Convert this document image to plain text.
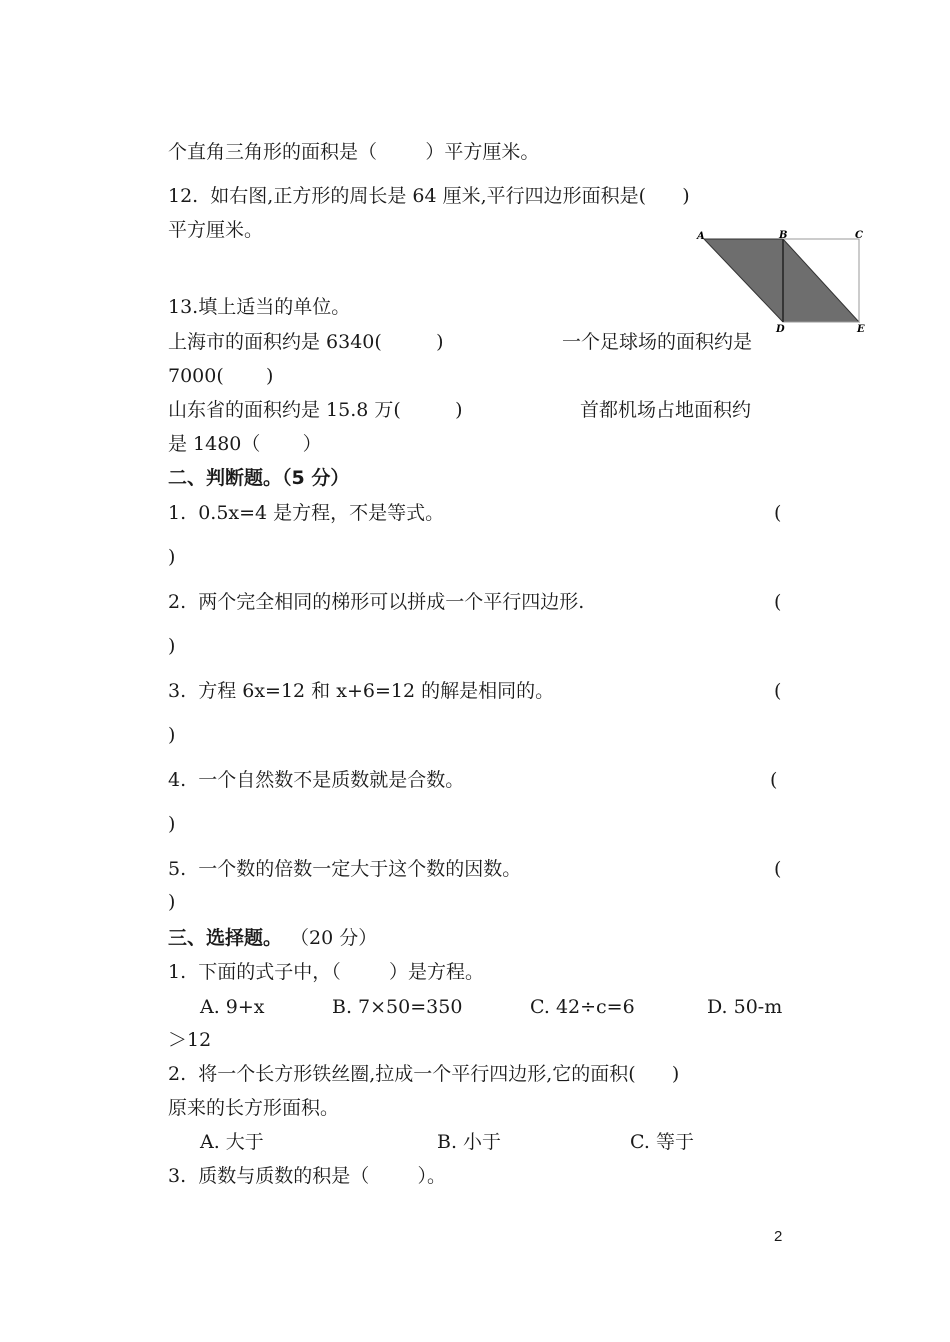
个直角三角形的面积是（        ）平方厘米。
12.  如右图,正方形的周长是 64 厘米,平行四边形面积是(      )
平方厘米。	A	B	C
D	E
13.填上适当的单位。
上海市的面积约是 6340(         )	一个足球场的面积约是
7000(       )
山东省的面积约是 15.8 万(         )	首都机场占地面积约
是 1480（       ）
二、判断题。（5 分）
1.  0.5x=4 是方程，不是等式。	(
)
2.  两个完全相同的梯形可以拼成一个平行四边形.	(
)
3.  方程 6x=12 和 x+6=12 的解是相同的。	(
)
4.  一个自然数不是质数就是合数。	(
)
5.  一个数的倍数一定大于这个数的因数。	(
)
三、选择题。 （20 分）
1.  下面的式子中，（        ）是方程。
A. 9+x	B. 7×50=350	C. 42÷c=6	D. 50-m
＞12
2.  将一个长方形铁丝圈,拉成一个平行四边形,它的面积(      )
原来的长方形面积。
A. 大于	B. 小于	C. 等于
3.  质数与质数的积是（        ）。
2
